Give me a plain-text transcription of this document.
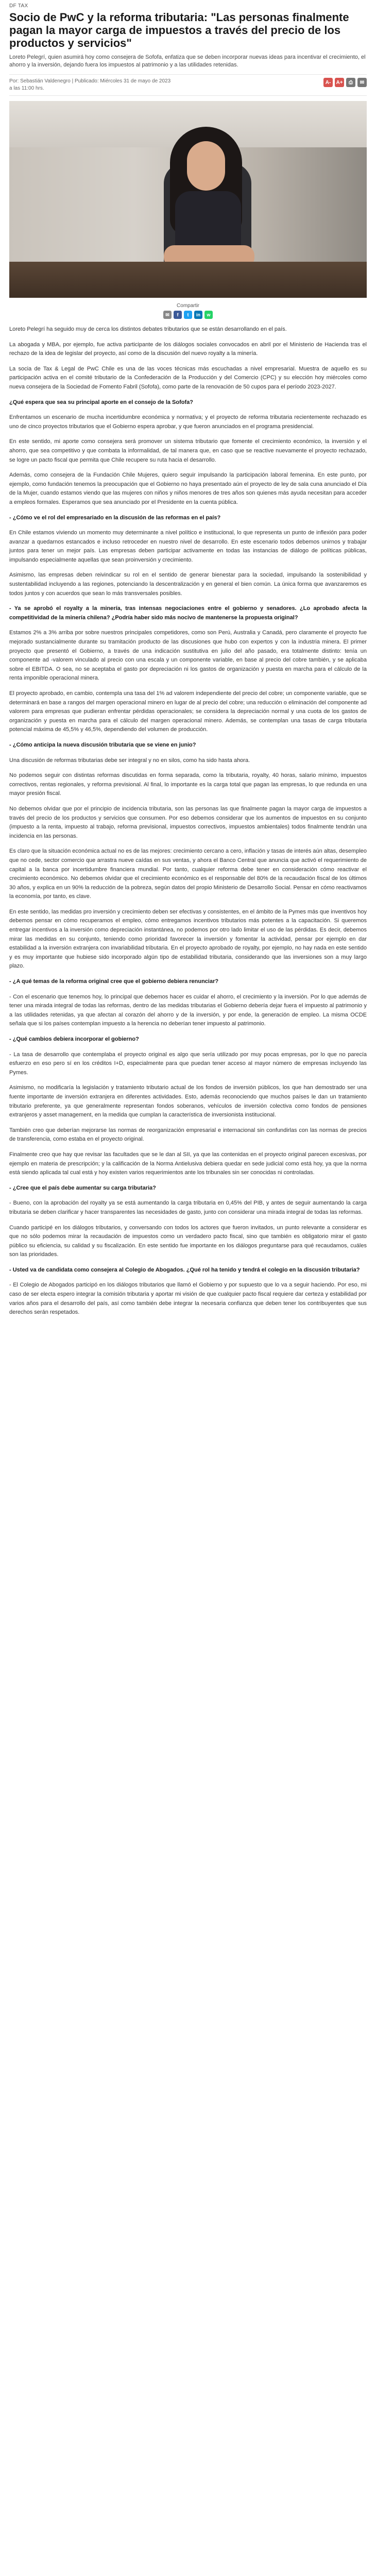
DF TAX
Socio de PwC y la reforma tributaria: "Las personas finalmente pagan la mayor carga de impuestos a través del precio de los productos y servicios"

Loreto Pelegrí, quien asumirá hoy como consejera de Sofofa, enfatiza que se deben incorporar nuevas ideas para incentivar el crecimiento, el ahorro y la inversión, dejando fuera los impuestos al patrimonio y a las utilidades retenidas.

Por: Sebastián Valdenegro | Publicado: Miércoles 31 de mayo de 2023
a las 11:00 hrs.
A-	A+	⎙	✉
Compartir
✉	f	t	in	w

Loreto Pelegrí ha seguido muy de cerca los distintos debates tributarios que se están desarrollando en el país.

La abogada y MBA, por ejemplo, fue activa participante de los diálogos sociales convocados en abril por el Ministerio de Hacienda tras el rechazo de la idea de legislar del proyecto, así como de la discusión del nuevo royalty a la minería.

La socia de Tax & Legal de PwC Chile es una de las voces técnicas más escuchadas a nivel empresarial. Muestra de aquello es su participación activa en el comité tributario de la Confederación de la Producción y del Comercio (CPC) y su elección hoy miércoles como nueva consejera de la Sociedad de Fomento Fabril (Sofofa), como parte de la renovación de 50 cupos para el período 2023-2027.

¿Qué espera que sea su principal aporte en el consejo de la Sofofa?

Enfrentamos un escenario de mucha incertidumbre económica y normativa; y el proyecto de reforma tributaria recientemente rechazado es uno de cinco proyectos tributarios que el Gobierno espera aprobar, y que fueron anunciados en el programa presidencial.

En este sentido, mi aporte como consejera será promover un sistema tributario que fomente el crecimiento económico, la inversión y el ahorro, que sea competitivo y que combata la informalidad, de tal manera que, en caso que se reactive nuevamente el proyecto rechazado, se logre un pacto fiscal que permita que Chile recupere su ruta hacia el desarrollo.

Además, como consejera de la Fundación Chile Mujeres, quiero seguir impulsando la participación laboral femenina. En este punto, por ejemplo, como fundación tenemos la preocupación que el Gobierno no haya presentado aún el proyecto de ley de sala cuna anunciado el Día de la Mujer, cuando estamos viendo que las mujeres con niños y niños menores de tres años son quienes más ayuda necesitan para acceder a empleos formales. Esperamos que sea anunciado por el Presidente en la cuenta pública.

- ¿Cómo ve el rol del empresariado en la discusión de las reformas en el país?

En Chile estamos viviendo un momento muy determinante a nivel político e institucional, lo que representa un punto de inflexión para poder avanzar a quedarnos estancados e incluso retroceder en nuestro nivel de desarrollo. En este escenario todos debemos unirnos y trabajar juntos para tener un mejor país. Las empresas deben participar activamente en todas las instancias de diálogo de políticas públicas, impulsando especialmente aquellas que sean proinversión y crecimiento.

Asimismo, las empresas deben reivindicar su rol en el sentido de generar bienestar para la sociedad, impulsando la sostenibilidad y sustentabilidad incluyendo a las regiones, potenciando la descentralización y en general el bien común. La única forma que avanzaremos es todos juntos y con acuerdos que sean lo más transversales posibles.

- Ya se aprobó el royalty a la minería, tras intensas negociaciones entre el gobierno y senadores. ¿Lo aprobado afecta la competitividad de la minería chilena? ¿Podría haber sido más nocivo de mantenerse la propuesta original?

Estamos 2% a 3% arriba por sobre nuestros principales competidores, como son Perú, Australia y Canadá, pero claramente el proyecto fue mejorado sustancialmente durante su tramitación producto de las discusiones que hubo con expertos y con la industria minera. El primer proyecto que presentó el Gobierno, a través de una indicación sustitutiva en julio del año pasado, era totalmente distinto: tenía un componente ad -valorem vinculado al precio con una escala y un componente variable, en base al precio del cobre también, y se aplicaba sobre el EBITDA. O sea, no se aceptaba el gasto por depreciación ni los gastos de organización y puesta en marcha para el cálculo de la renta imponible operacional minera.

El proyecto aprobado, en cambio, contempla una tasa del 1% ad valorem independiente del precio del cobre; un componente variable, que se determinará en base a rangos del margen operacional minero en lugar de al precio del cobre; una reducción o eliminación del componente ad valorem para empresas que pudieran enfrentar pérdidas operacionales; se considera la depreciación normal y una cuota de los gastos de organización y puesta en marcha para el cálculo del margen operacional minero. Además, se contemplan una tasas de carga tributaria potencial máxima de 45,5% y 46,5%, dependiendo del volumen de producción.

- ¿Cómo anticipa la nueva discusión tributaria que se viene en junio?

Una discusión de reformas tributarias debe ser integral y no en silos, como ha sido hasta ahora.

No podemos seguir con distintas reformas discutidas en forma separada, como la tributaria, royalty, 40 horas, salario mínimo, impuestos correctivos, rentas regionales, y reforma previsional. Al final, lo importante es la carga total que pagan las empresas, lo que redunda en una mayor presión fiscal.

No debemos olvidar que por el principio de incidencia tributaria, son las personas las que finalmente pagan la mayor carga de impuestos a través del precio de los productos y servicios que consumen. Por eso debemos considerar que los aumentos de impuestos en su conjunto (impuesto a la renta, impuesto al trabajo, reforma previsional, impuestos correctivos, impuestos ambientales) todos finalmente tendrán una incidencia en las personas.

Es claro que la situación económica actual no es de las mejores: crecimiento cercano a cero, inflación y tasas de interés aún altas, desempleo que no cede, sector comercio que arrastra nueve caídas en sus ventas, y ahora el Banco Central que anuncia que activó el requerimiento de capital a la banca por incertidumbre financiera mundial. Por tanto, cualquier reforma debe tener en consideración cómo reactivar el crecimiento económico. No debemos olvidar que el crecimiento económico es el responsable del 80% de la recaudación fiscal de los últimos 30 años, y explica en un 90% la reducción de la pobreza, según datos del propio Ministerio de Desarrollo Social. Pensar en cómo reactivamos la economía, por tanto, es clave.

En este sentido, las medidas pro inversión y crecimiento deben ser efectivas y consistentes, en el ámbito de la Pymes más que inventivos hoy debemos pensar en cómo recuperamos el empleo, cómo entregamos incentivos tributarios más potentes a la capacitación. Si queremos entregar incentivos a la inversión como depreciación instantánea, no podemos por otro lado limitar el uso de las pérdidas. Es decir, debemos mirar las medidas en su conjunto, teniendo como prioridad favorecer la inversión y fomentar la actividad, pensar por ejemplo en dar estabilidad a la inversión extranjera con invariabilidad tributaria. En el proyecto aprobado de royalty, por ejemplo, no hay nada en este sentido y es muy importante que hubiese sido incorporado algún tipo de estabilidad tributaria, considerando que las inversiones son a muy largo plazo.

- ¿A qué temas de la reforma original cree que el gobierno debiera renunciar?

- Con el escenario que tenemos hoy, lo principal que debemos hacer es cuidar el ahorro, el crecimiento y la inversión. Por lo que además de tener una mirada integral de todas las reformas, dentro de las medidas tributarias el Gobierno debería dejar fuera el impuesto al patrimonio y a las utilidades retenidas, ya que afectan al corazón del ahorro y de la inversión, y por ende, la generación de empleo. La misma OCDE señala que si los países contemplan impuesto a la herencia no deberían tener impuesto al patrimonio.

- ¿Qué cambios debiera incorporar el gobierno?

- La tasa de desarrollo que contemplaba el proyecto original es algo que sería utilizado por muy pocas empresas, por lo que no parecía esfuerzo en eso pero sí en los créditos I+D, especialmente para que puedan tener acceso al mayor número de empresas incluyendo las Pymes.

Asimismo, no modificaría la legislación y tratamiento tributario actual de los fondos de inversión públicos, los que han demostrado ser una fuente importante de inversión extranjera en diferentes actividades. Esto, además reconociendo que muchos países le dan un tratamiento tributario preferente, ya que generalmente representan fondos soberanos, vehículos de inversión colectiva como fondos de pensiones extranjeros y asset management, en la medida que cumplan la característica de inversionista institucional.

También creo que deberían mejorarse las normas de reorganización empresarial e internacional sin confundirlas con las normas de precios de transferencia, como estaba en el proyecto original.

Finalmente creo que hay que revisar las facultades que se le dan al SII, ya que las contenidas en el proyecto original parecen excesivas, por ejemplo en materia de prescripción; y la calificación de la Norma Antielusiva debiera quedar en sede judicial como está hoy, ya que la norma está siendo aplicada tal cual está y hoy existen varios requerimientos ante los tribunales sin ser conocidas ni controladas.

- ¿Cree que el país debe aumentar su carga tributaria?

- Bueno, con la aprobación del royalty ya se está aumentando la carga tributaria en 0,45% del PIB, y antes de seguir aumentando la carga tributaria se deben clarificar y hacer transparentes las necesidades de gasto, junto con considerar una mirada integral de todas las reformas.

Cuando participé en los diálogos tributarios, y conversando con todos los actores que fueron invitados, un punto relevante a considerar es que no sólo podemos mirar la recaudación de impuestos como un verdadero pacto fiscal, sino que también es obligatorio mirar el gasto público su eficiencia, su calidad y su fiscalización. En este sentido fue importante en los diálogos preguntarse para qué recaudamos, cuáles son las prioridades.

- Usted va de candidata como consejera al Colegio de Abogados. ¿Qué rol ha tenido y tendrá el colegio en la discusión tributaria?

- El Colegio de Abogados participó en los diálogos tributarios que llamó el Gobierno y por supuesto que lo va a seguir haciendo. Por eso, mi caso de ser electa espero integrar la comisión tributaria y aportar mi visión de que cualquier pacto fiscal requiere dar certeza y estabilidad por varios años para el desarrollo del país, así como también debe integrar la necesaria confianza que deben tener los contribuyentes que sus derechos serán respetados.
